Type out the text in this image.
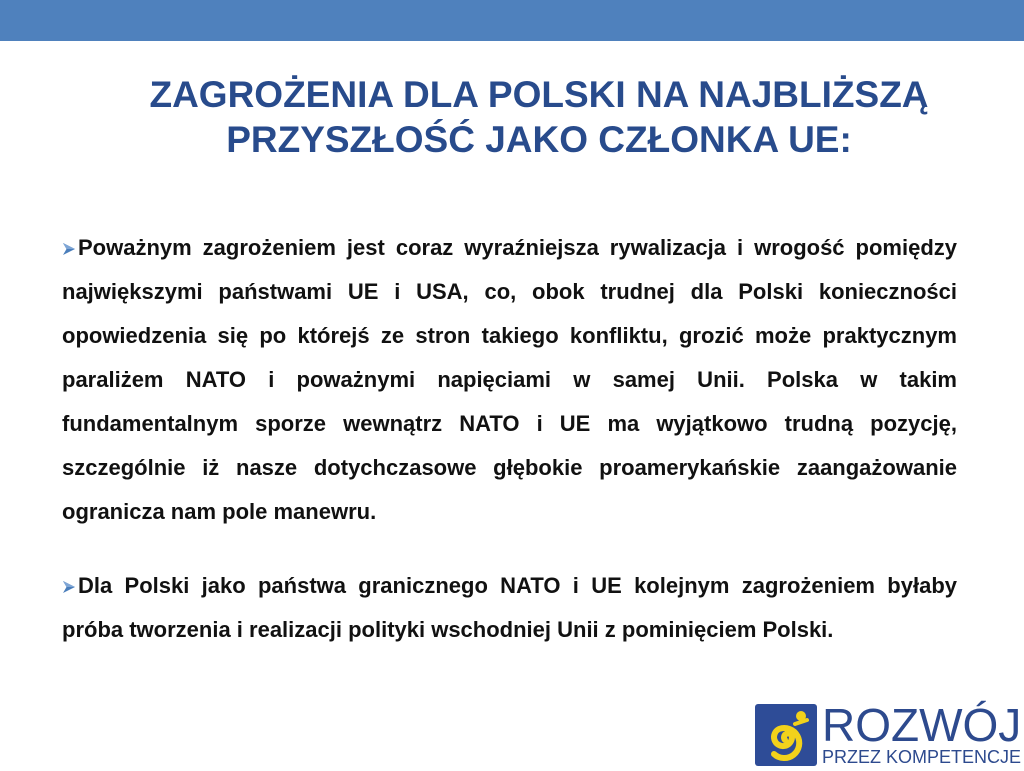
ZAGROŻENIA DLA POLSKI NA NAJBLIŻSZĄ
PRZYSZŁOŚĆ JAKO CZŁONKA UE:

Poważnym zagrożeniem jest coraz wyraźniejsza rywalizacja i wrogość pomiędzy największymi państwami UE i USA, co, obok trudnej dla Polski konieczności opowiedzenia się po którejś ze stron takiego konfliktu, grozić może praktycznym paraliżem NATO i poważnymi napięciami w samej Unii. Polska w takim fundamentalnym sporze wewnątrz NATO i UE ma wyjątkowo trudną pozycję, szczególnie iż nasze dotychczasowe głębokie proamerykańskie zaangażowanie ogranicza nam pole manewru.

Dla Polski jako państwa granicznego NATO i UE kolejnym zagrożeniem byłaby próba tworzenia i realizacji polityki wschodniej Unii z pominięciem Polski.

ROZWÓJ
PRZEZ KOMPETENCJE
